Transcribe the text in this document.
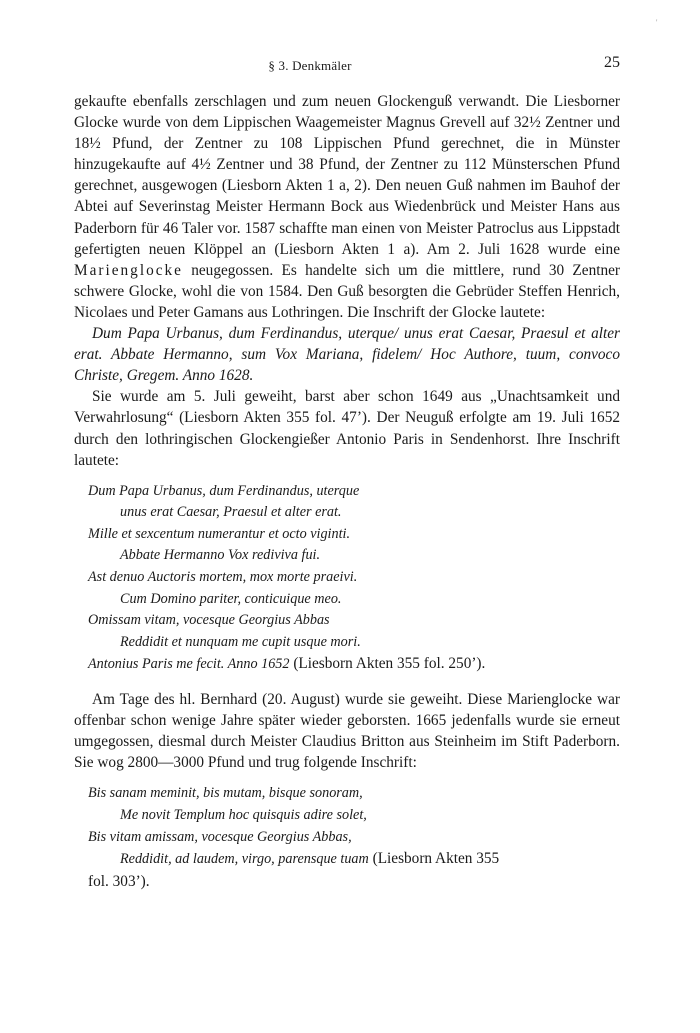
'
§ 3. Denkmäler	25

gekaufte ebenfalls zerschlagen und zum neuen Glockenguß verwandt. Die Liesborner Glocke wurde von dem Lippischen Waagemeister Magnus Grevell auf 32½ Zentner und 18½ Pfund, der Zentner zu 108 Lippischen Pfund gerechnet, die in Münster hinzugekaufte auf 4½ Zentner und 38 Pfund, der Zentner zu 112 Münsterschen Pfund gerechnet, ausgewogen (Liesborn Akten 1 a, 2). Den neuen Guß nahmen im Bauhof der Abtei auf Severinstag Meister Hermann Bock aus Wiedenbrück und Meister Hans aus Paderborn für 46 Taler vor. 1587 schaffte man einen von Meister Patroclus aus Lippstadt gefertigten neuen Klöppel an (Liesborn Akten 1 a). Am 2. Juli 1628 wurde eine Marienglocke neugegossen. Es handelte sich um die mittlere, rund 30 Zentner schwere Glocke, wohl die von 1584. Den Guß besorgten die Gebrüder Steffen Henrich, Nicolaes und Peter Gamans aus Lothringen. Die Inschrift der Glocke lautete:

Dum Papa Urbanus, dum Ferdinandus, uterque/ unus erat Caesar, Praesul et alter erat. Abbate Hermanno, sum Vox Mariana, fidelem/ Hoc Authore, tuum, convoco Christe, Gregem. Anno 1628.

Sie wurde am 5. Juli geweiht, barst aber schon 1649 aus „Unachtsamkeit und Verwahrlosung“ (Liesborn Akten 355 fol. 47’). Der Neuguß erfolgte am 19. Juli 1652 durch den lothringischen Glockengießer Antonio Paris in Sendenhorst. Ihre Inschrift lautete:

Dum Papa Urbanus, dum Ferdinandus, uterque
unus erat Caesar, Praesul et alter erat.
Mille et sexcentum numerantur et octo viginti.
Abbate Hermanno Vox rediviva fui.
Ast denuo Auctoris mortem, mox morte praeivi.
Cum Domino pariter, conticuique meo.
Omissam vitam, vocesque Georgius Abbas
Reddidit et nunquam me cupit usque mori.
Antonius Paris me fecit. Anno 1652 (Liesborn Akten 355 fol. 250’).

Am Tage des hl. Bernhard (20. August) wurde sie geweiht. Diese Marienglocke war offenbar schon wenige Jahre später wieder geborsten. 1665 jedenfalls wurde sie erneut umgegossen, diesmal durch Meister Claudius Britton aus Steinheim im Stift Paderborn. Sie wog 2800—3000 Pfund und trug folgende Inschrift:

Bis sanam meminit, bis mutam, bisque sonoram,
Me novit Templum hoc quisquis adire solet,
Bis vitam amissam, vocesque Georgius Abbas,
Reddidit, ad laudem, virgo, parensque tuam (Liesborn Akten 355
fol. 303’).
